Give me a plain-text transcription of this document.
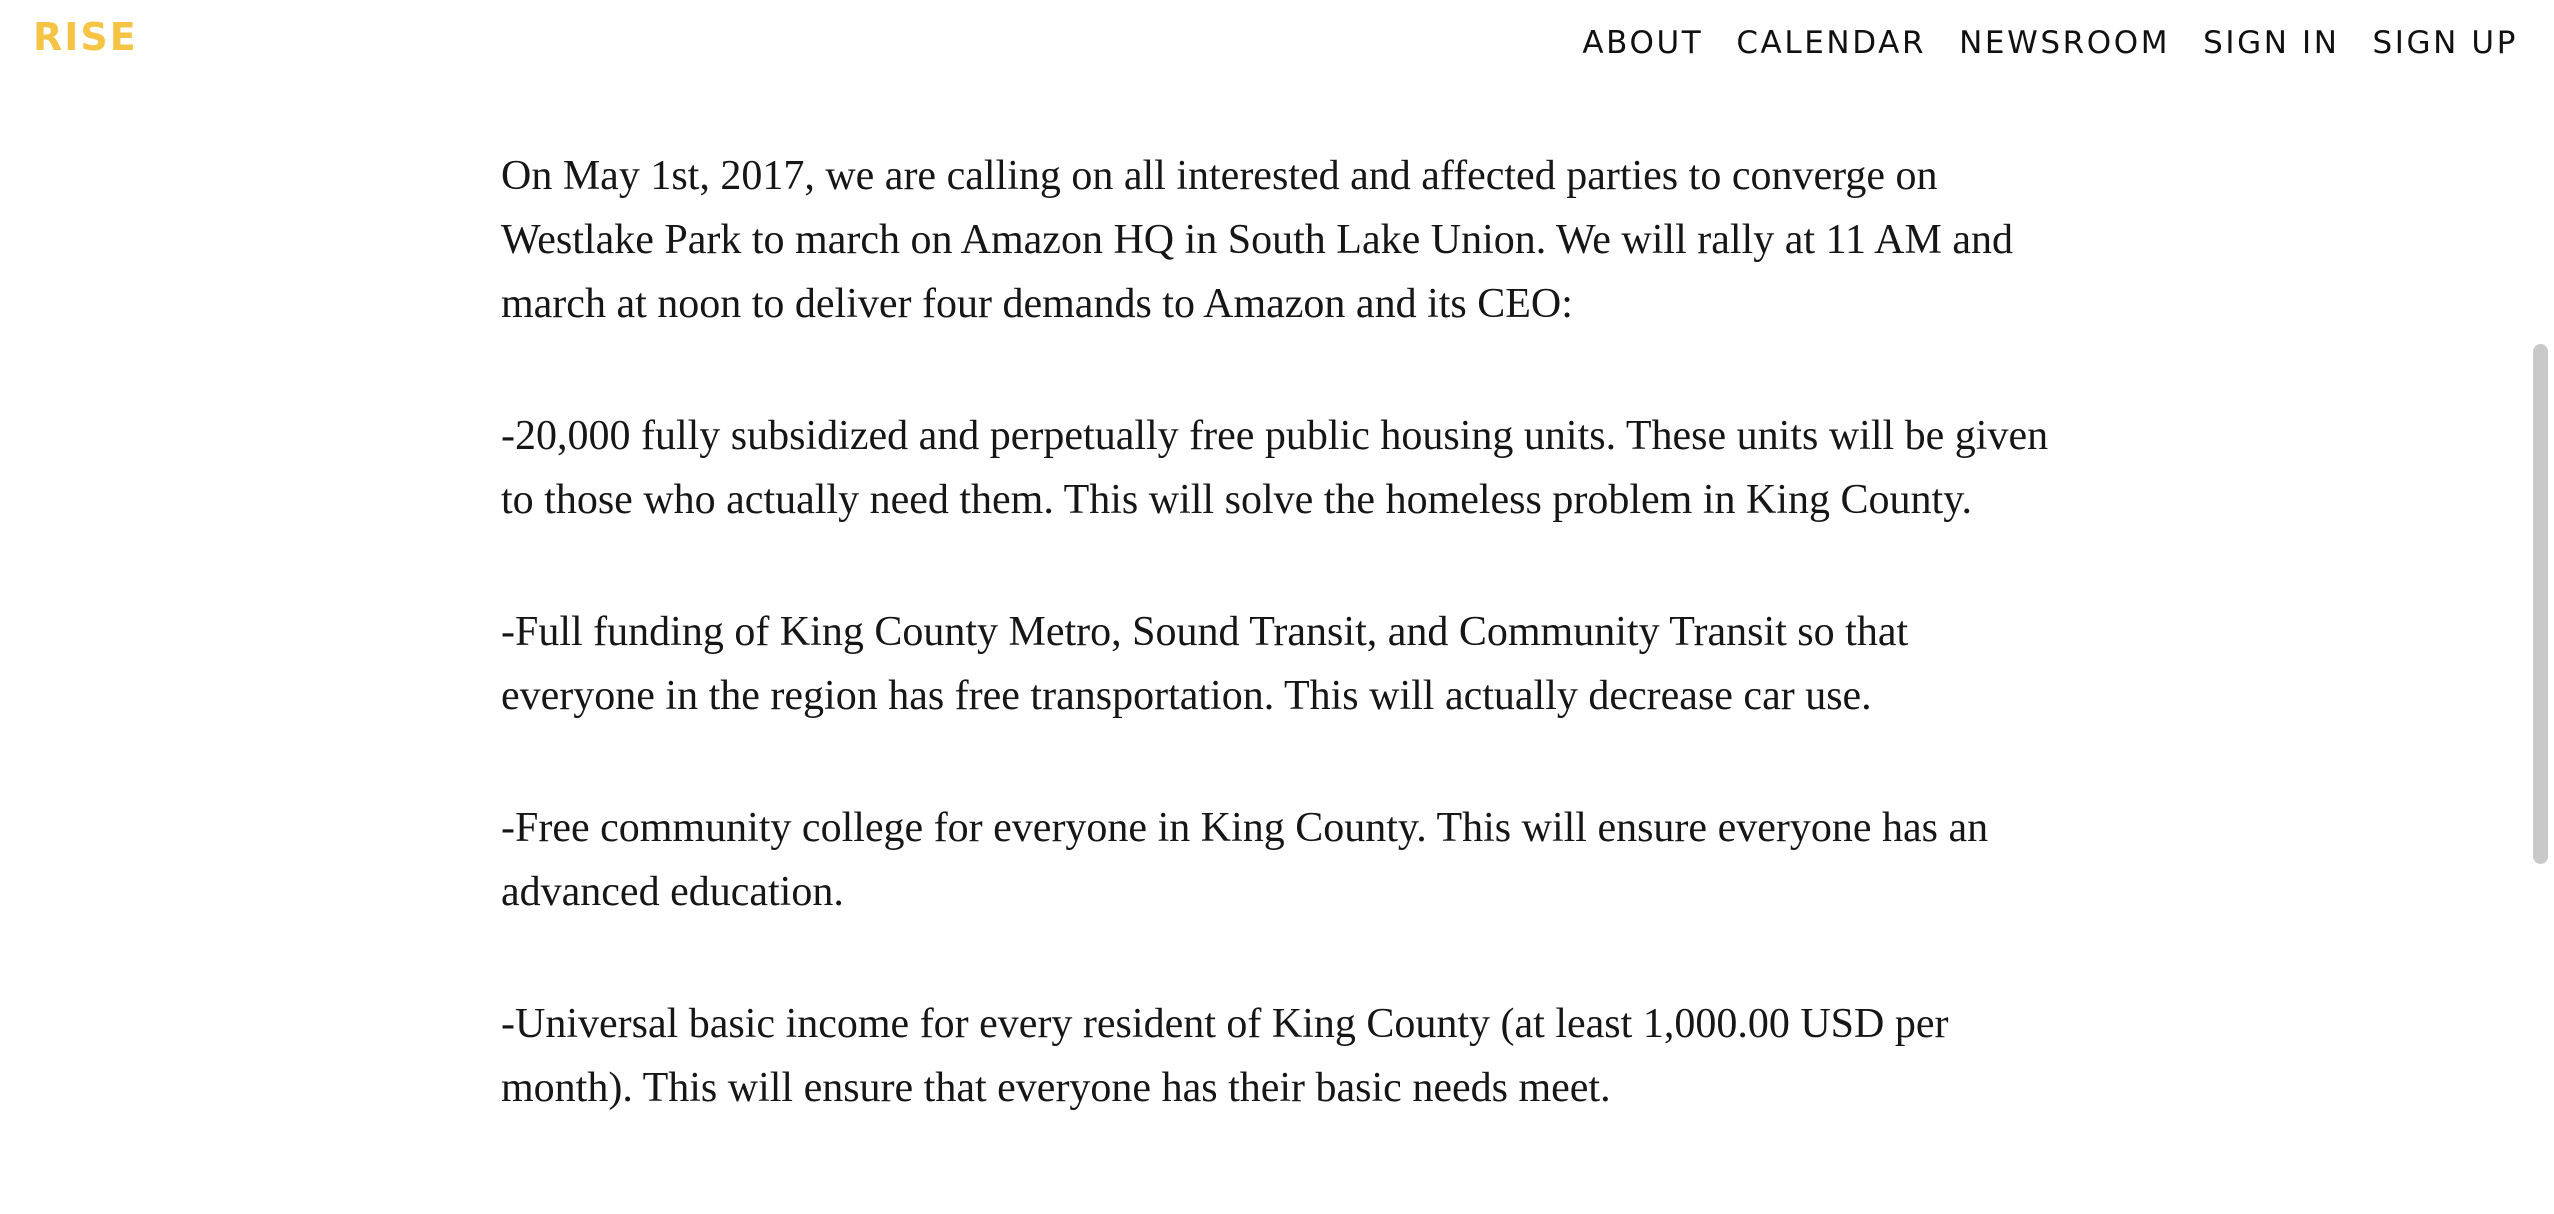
RISE	ABOUT CALENDAR NEWSROOM SIGN IN SIGN UP

On May 1st, 2017, we are calling on all interested and affected parties to converge on Westlake Park to march on Amazon HQ in South Lake Union. We will rally at 11 AM and march at noon to deliver four demands to Amazon and its CEO:

-20,000 fully subsidized and perpetually free public housing units. These units will be given to those who actually need them. This will solve the homeless problem in King County.

-Full funding of King County Metro, Sound Transit, and Community Transit so that everyone in the region has free transportation. This will actually decrease car use.

-Free community college for everyone in King County. This will ensure everyone has an advanced education.

-Universal basic income for every resident of King County (at least 1,000.00 USD per month). This will ensure that everyone has their basic needs meet.
